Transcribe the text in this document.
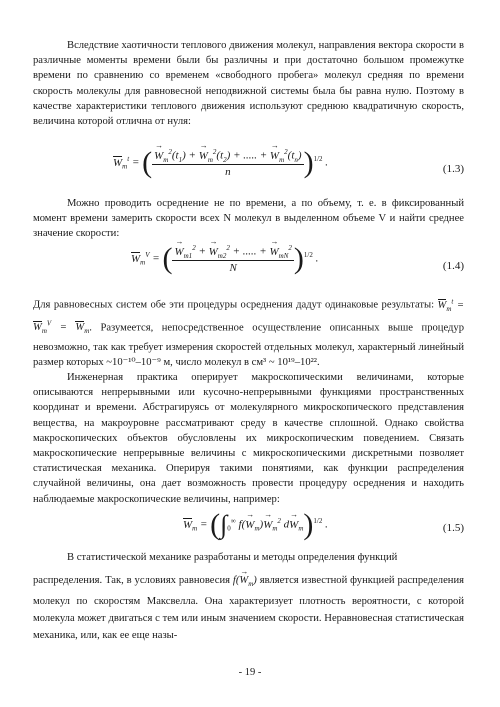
Вследствие хаотичности теплового движения молекул, направления вектора скорости в различные моменты времени были бы различны и при достаточно большом промежутке времени по сравнению со временем «свободного пробега» молекул средняя по времени скорость молекулы для равновесной неподвижной системы была бы равна нулю. Поэтому в качестве характеристики теплового движения используют среднюю квадратичную скорость, величина которой отлична от нуля:

$W_m^t$ = ( → $\frac{W_m^2(t_1) + \to W_m^2(t_2) + ..... + \to W_m^2(t_n)}{n} )^{1/2}$ .
(1.3)

Можно проводить осреднение не по времени, а по объему, т. е. в фиксированный момент времени замерить скорости всех N молекул в выделенном объеме V и найти среднее значение скорости:

$W_m^V$ = ( → $\frac{W_{m1}^2 + \to W_{m2}^2 + ..... + \to W_{mN}^2}{N} )^{1/2}$ .
(1.4)

Для равновесных систем обе эти процедуры осреднения дадут одинаковые результаты: $W_m^t = W_m^V = W_m$. Разумеется, непосредственное осуществление описанных выше процедур невозможно, так как требует измерения скоростей отдельных молекул, характерный линейный размер которых ~10⁻¹⁰–10⁻⁹ м, число молекул в см³ ~ 10¹⁹–10²².

Инженерная практика оперирует макроскопическими величинами, которые описываются непрерывными или кусочно-непрерывными функциями пространственных координат и времени. Абстрагируясь от молекулярного микроскопического представления вещества, на макроуровне рассматривают среду в качестве сплошной. Однако свойства макроскопических объектов обусловлены их микроскопическим поведением. Связать макроскопические непрерывные величины с микроскопическими дискретными позволяет статистическая механика. Оперируя такими понятиями, как функции распределения случайной величины, она дает возможность провести процедуру осреднения и находить наблюдаемые макроскопические величины, например:

$W_m = (\int_0^\infty$ $f(\to W_m)\to W_m^2$ $d\to W_m)^{1/2}$ .	(1.5)

В статистической механике разработаны и методы определения функций

распределения. Так, в условиях равновесия $f(\to W_m)$ является известной функцией распределения молекул по скоростям Максвелла. Она характеризует плотность вероятности, с которой молекула может двигаться с тем или иным значением скорости. Неравновесная статистическая механика, или, как ее еще назы-

- 19 -
